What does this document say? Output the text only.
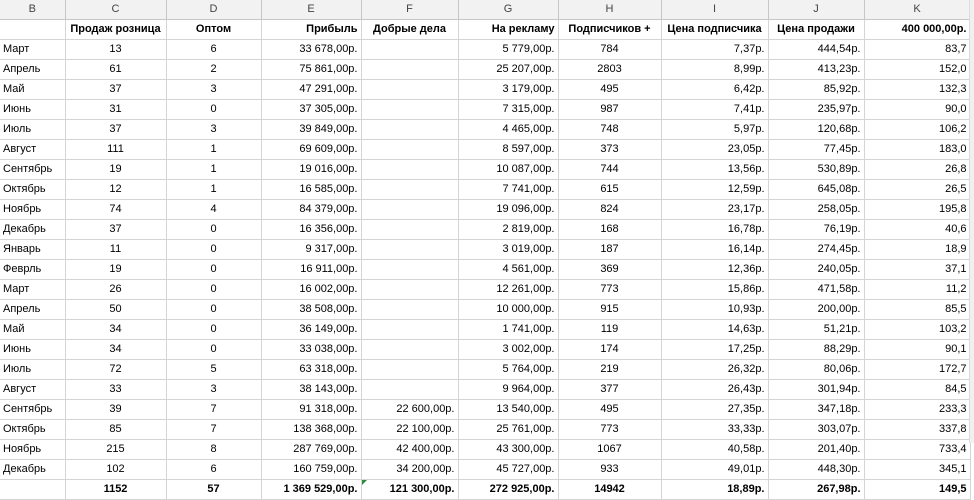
B	C	D	E	F	G	H	I	J	K
	Продаж розница	Оптом	Прибыль	Добрые дела	На рекламу	Подписчиков +	Цена подписчика	Цена продажи	400 000,00р.
Март	13	6	33 678,00р.		5 779,00р.	784	7,37р.	444,54р.	83,7
Апрель	61	2	75 861,00р.		25 207,00р.	2803	8,99р.	413,23р.	152,0
Май	37	3	47 291,00р.		3 179,00р.	495	6,42р.	85,92р.	132,3
Июнь	31	0	37 305,00р.		7 315,00р.	987	7,41р.	235,97р.	90,0
Июль	37	3	39 849,00р.		4 465,00р.	748	5,97р.	120,68р.	106,2
Август	111	1	69 609,00р.		8 597,00р.	373	23,05р.	77,45р.	183,0
Сентябрь	19	1	19 016,00р.		10 087,00р.	744	13,56р.	530,89р.	26,8
Октябрь	12	1	16 585,00р.		7 741,00р.	615	12,59р.	645,08р.	26,5
Ноябрь	74	4	84 379,00р.		19 096,00р.	824	23,17р.	258,05р.	195,8
Декабрь	37	0	16 356,00р.		2 819,00р.	168	16,78р.	76,19р.	40,6
Январь	11	0	9 317,00р.		3 019,00р.	187	16,14р.	274,45р.	18,9
Феврль	19	0	16 911,00р.		4 561,00р.	369	12,36р.	240,05р.	37,1
Март	26	0	16 002,00р.		12 261,00р.	773	15,86р.	471,58р.	11,2
Апрель	50	0	38 508,00р.		10 000,00р.	915	10,93р.	200,00р.	85,5
Май	34	0	36 149,00р.		1 741,00р.	119	14,63р.	51,21р.	103,2
Июнь	34	0	33 038,00р.		3 002,00р.	174	17,25р.	88,29р.	90,1
Июль	72	5	63 318,00р.		5 764,00р.	219	26,32р.	80,06р.	172,7
Август	33	3	38 143,00р.		9 964,00р.	377	26,43р.	301,94р.	84,5
Сентябрь	39	7	91 318,00р.	22 600,00р.	13 540,00р.	495	27,35р.	347,18р.	233,3
Октябрь	85	7	138 368,00р.	22 100,00р.	25 761,00р.	773	33,33р.	303,07р.	337,8
Ноябрь	215	8	287 769,00р.	42 400,00р.	43 300,00р.	1067	40,58р.	201,40р.	733,4
Декабрь	102	6	160 759,00р.	34 200,00р.	45 727,00р.	933	49,01р.	448,30р.	345,1
	1152	57	1 369 529,00р.	121 300,00р.	272 925,00р.	14942	18,89р.	267,98р.	149,5
